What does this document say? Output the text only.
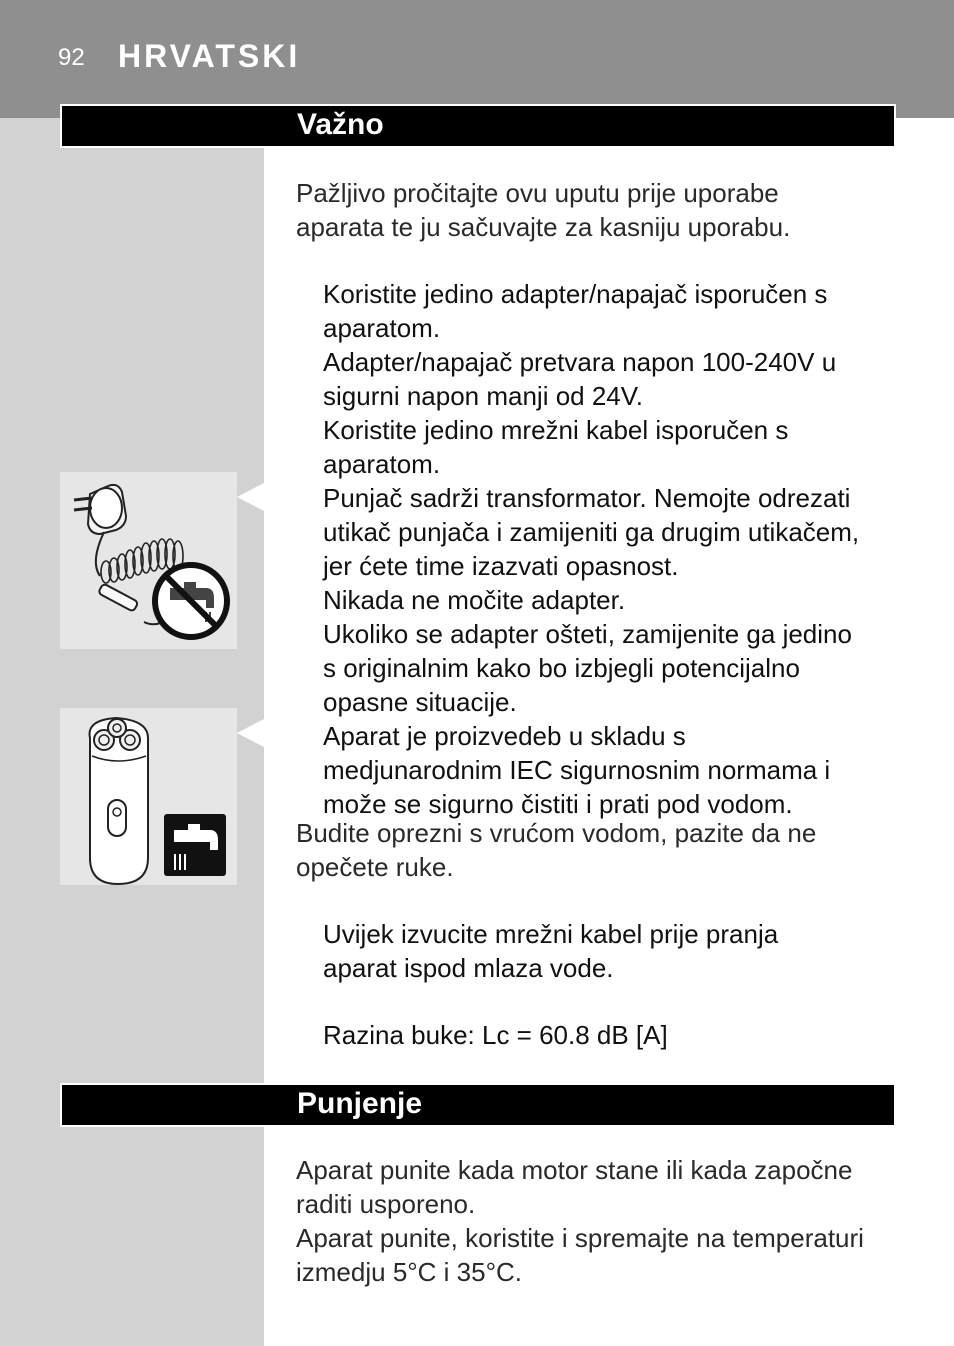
92 HRVATSKI
Važno

Pažljivo pročitajte ovu uputu prije uporabe

aparata te ju sačuvajte za kasniju uporabu.

Koristite jedino adapter/napajač isporučen s

aparatom.

Adapter/napajač pretvara napon 100-240V u

sigurni napon manji od 24V.

Koristite jedino mrežni kabel isporučen s

aparatom.

Punjač sadrži transformator. Nemojte odrezati

utikač punjača i zamijeniti ga drugim utikačem,

jer ćete time izazvati opasnost.

Nikada ne močite adapter.

Ukoliko se adapter ošteti, zamijenite ga jedino

s originalnim kako bo izbjegli potencijalno

opasne situacije.

Aparat je proizvedeb u skladu s

medjunarodnim IEC sigurnosnim normama i

može se sigurno čistiti i prati pod vodom.

Budite oprezni s vrućom vodom, pazite da ne

opečete ruke.

Uvijek izvucite mrežni kabel prije pranja

aparat ispod mlaza vode.

Razina buke: Lc = 60.8 dB [A]

Punjenje

Aparat punite kada motor stane ili kada započne

raditi usporeno.

Aparat punite, koristite i spremajte na temperaturi

izmedju 5°C i 35°C.
